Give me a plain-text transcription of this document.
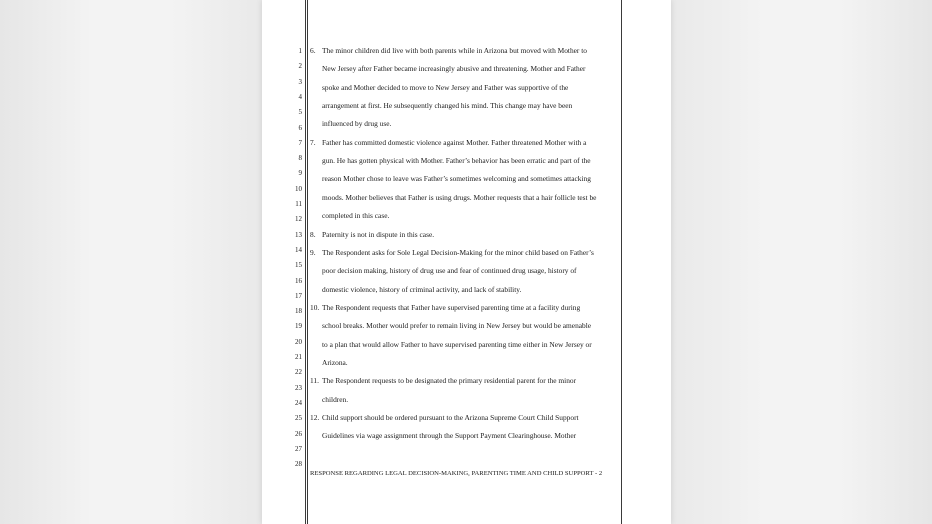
1
2
3
4
5
6
7
8
9
10
11
12
13
14
15
16
17
18
19
20
21
22
23
24
25
26
27
28
6. The minor children did live with both parents while in Arizona but moved with Mother to
New Jersey after Father became increasingly abusive and threatening. Mother and Father
spoke and Mother decided to move to New Jersey and Father was supportive of the
arrangement at first. He subsequently changed his mind. This change may have been
influenced by drug use.
7. Father has committed domestic violence against Mother. Father threatened Mother with a
gun. He has gotten physical with Mother. Father’s behavior has been erratic and part of the
reason Mother chose to leave was Father’s sometimes welcoming and sometimes attacking
moods. Mother believes that Father is using drugs. Mother requests that a hair follicle test be
completed in this case.
8. Paternity is not in dispute in this case.
9. The Respondent asks for Sole Legal Decision-Making for the minor child based on Father’s
poor decision making, history of drug use and fear of continued drug usage, history of
domestic violence, history of criminal activity, and lack of stability.
10. The Respondent requests that Father have supervised parenting time at a facility during
school breaks. Mother would prefer to remain living in New Jersey but would be amenable
to a plan that would allow Father to have supervised parenting time either in New Jersey or
Arizona.
11. The Respondent requests to be designated the primary residential parent for the minor
children.
12. Child support should be ordered pursuant to the Arizona Supreme Court Child Support
Guidelines via wage assignment through the Support Payment Clearinghouse. Mother
RESPONSE REGARDING LEGAL DECISION-MAKING, PARENTING TIME AND CHILD SUPPORT - 2
